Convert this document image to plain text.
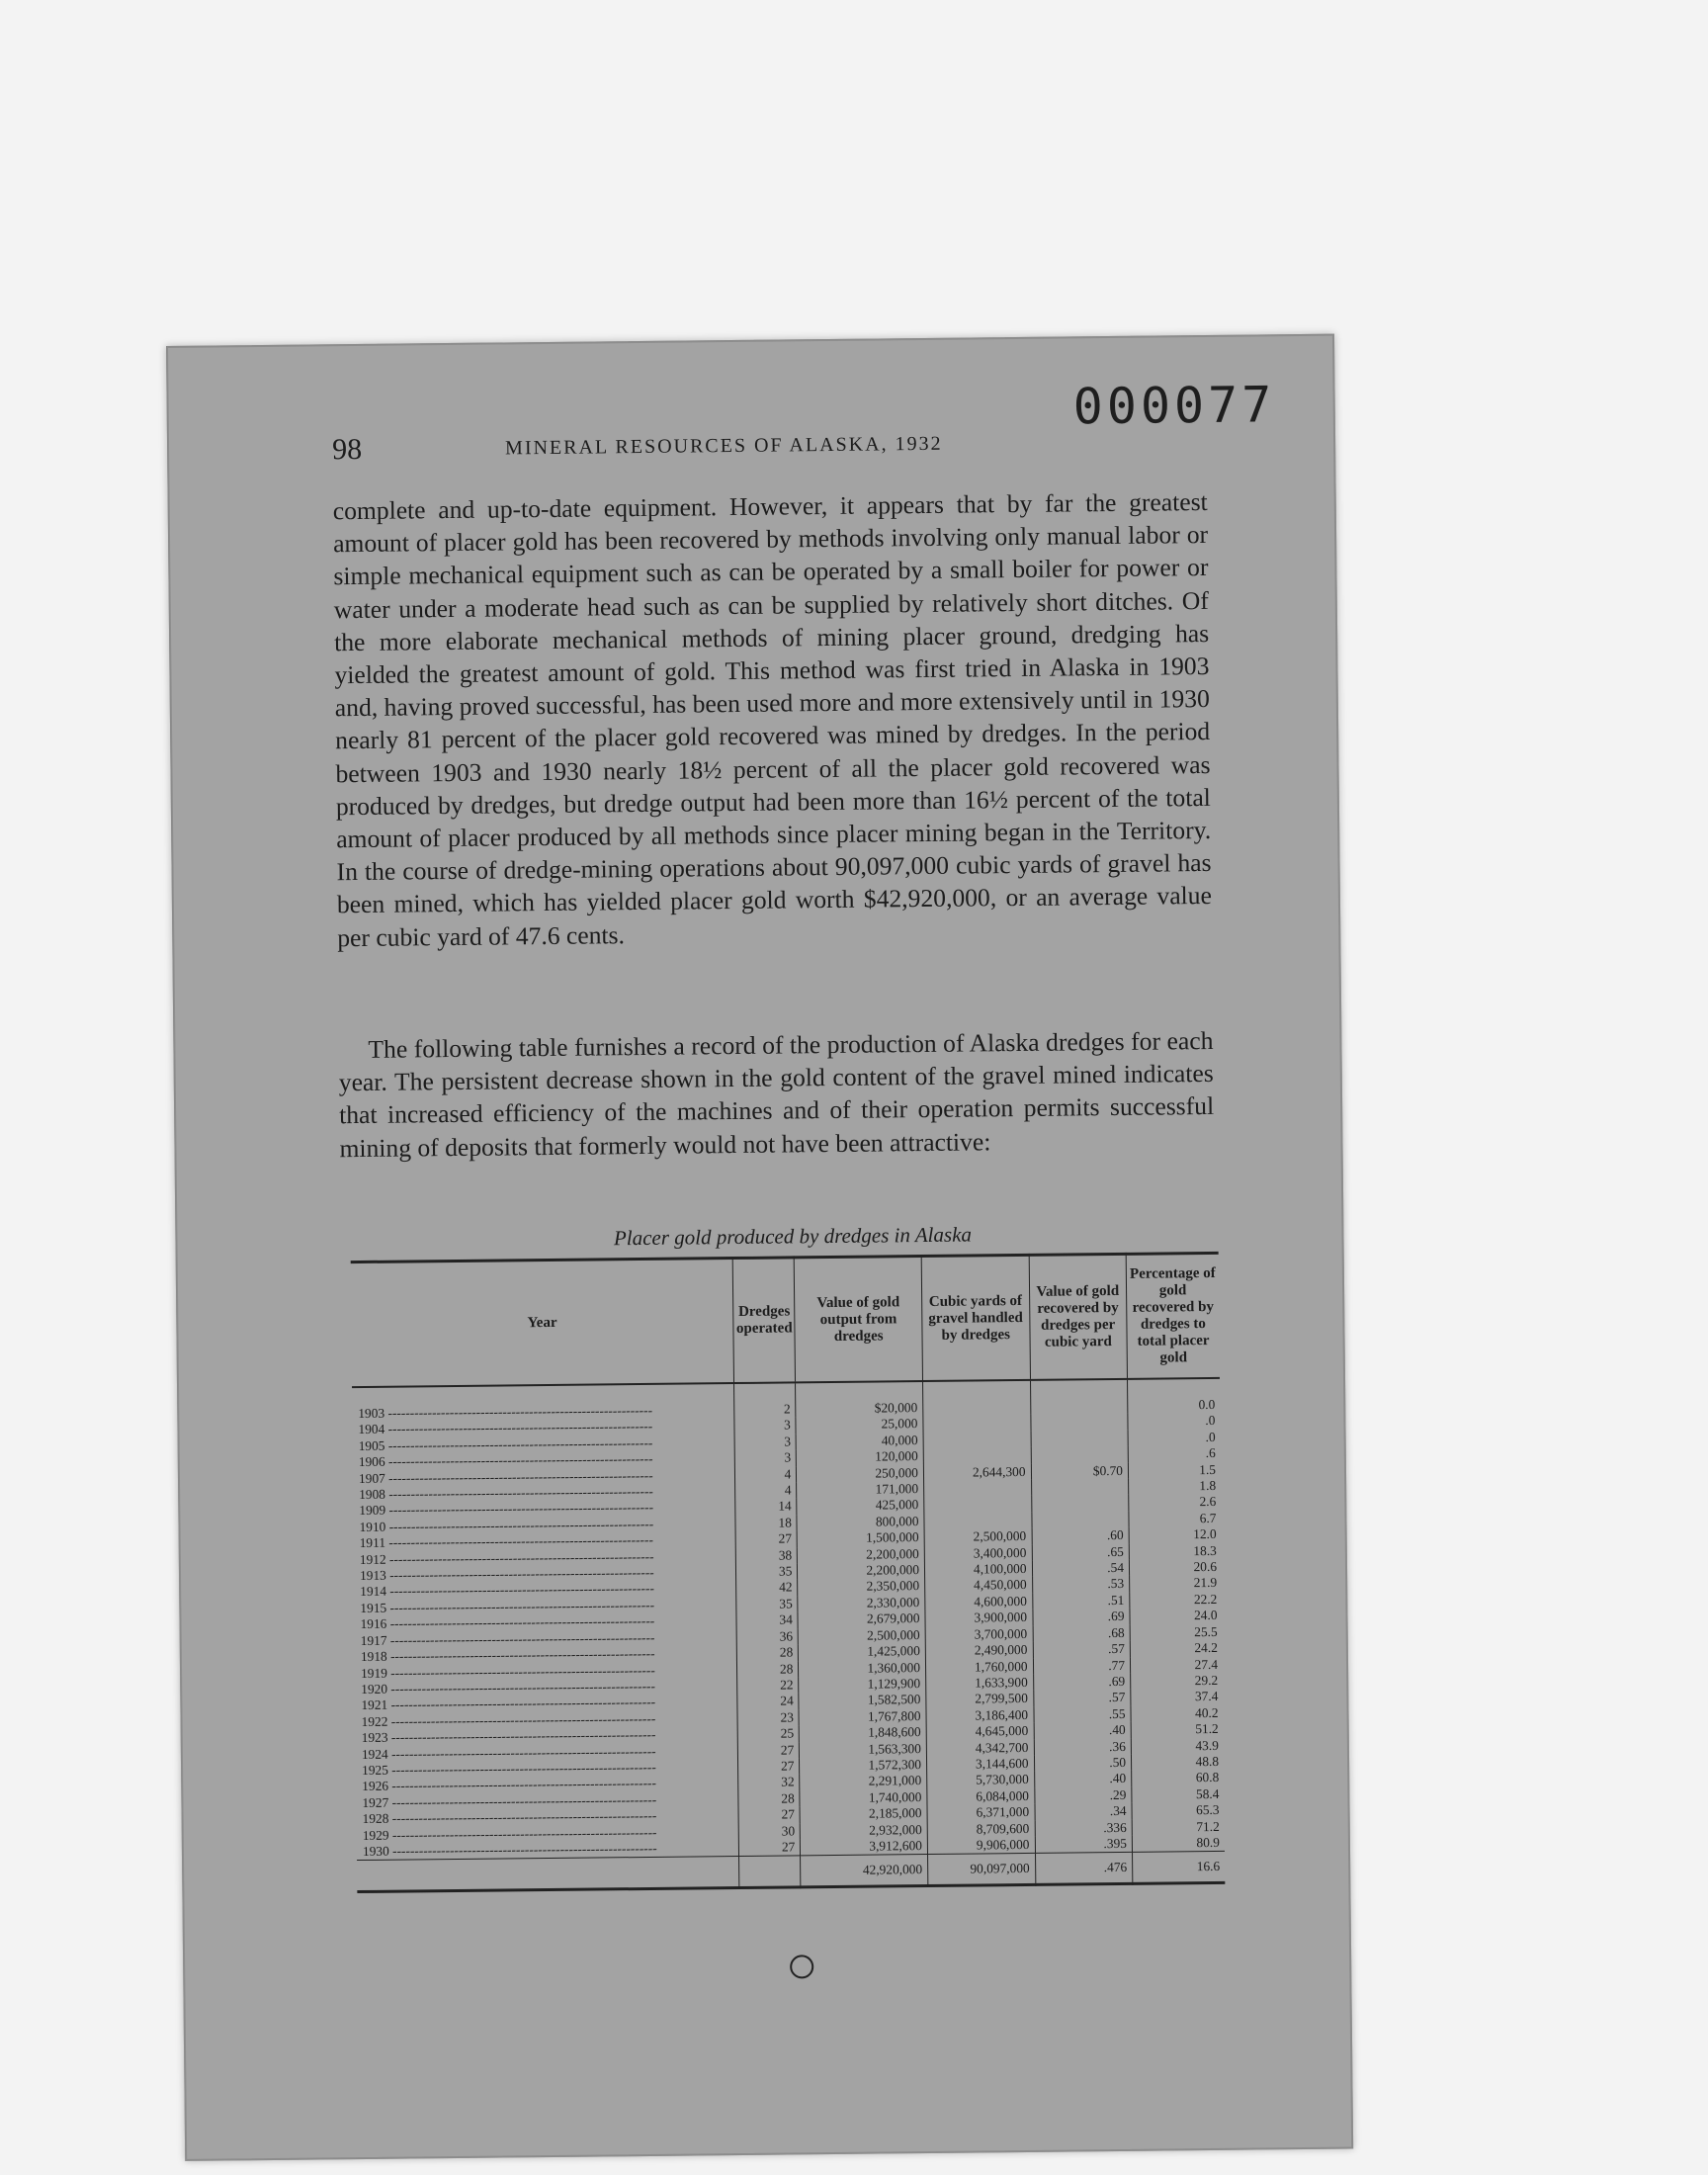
000077
98	MINERAL RESOURCES OF ALASKA, 1932

complete and up-to-date equipment. However, it appears that by far the greatest amount of placer gold has been recovered by methods involving only manual labor or simple mechanical equipment such as can be operated by a small boiler for power or water under a moderate head such as can be supplied by relatively short ditches. Of the more elaborate mechanical methods of mining placer ground, dredging has yielded the greatest amount of gold. This method was first tried in Alaska in 1903 and, having proved successful, has been used more and more extensively until in 1930 nearly 81 percent of the placer gold recovered was mined by dredges. In the period between 1903 and 1930 nearly 18½ percent of all the placer gold recovered was produced by dredges, but dredge output had been more than 16½ percent of the total amount of placer produced by all methods since placer mining began in the Territory. In the course of dredge-mining operations about 90,097,000 cubic yards of gravel has been mined, which has yielded placer gold worth $42,920,000, or an average value per cubic yard of 47.6 cents.

The following table furnishes a record of the production of Alaska dredges for each year. The persistent decrease shown in the gold content of the gravel mined indicates that increased efficiency of the machines and of their operation permits successful mining of deposits that formerly would not have been attractive:

Placer gold produced by dredges in Alaska
Year	Dredges operated	Value of gold output from dredges	Cubic yards of gravel handled by dredges	Value of gold recovered by dredges per cubic yard	Percentage of gold recovered by dredges to total placer gold
1903 ------------------------------------------------------------	2	$20,000			0.0
1904 ------------------------------------------------------------	3	25,000			.0
1905 ------------------------------------------------------------	3	40,000			.0
1906 ------------------------------------------------------------	3	120,000			.6
1907 ------------------------------------------------------------	4	250,000	2,644,300	$0.70	1.5
1908 ------------------------------------------------------------	4	171,000			1.8
1909 ------------------------------------------------------------	14	425,000			2.6
1910 ------------------------------------------------------------	18	800,000			6.7
1911 ------------------------------------------------------------	27	1,500,000	2,500,000	.60	12.0
1912 ------------------------------------------------------------	38	2,200,000	3,400,000	.65	18.3
1913 ------------------------------------------------------------	35	2,200,000	4,100,000	.54	20.6
1914 ------------------------------------------------------------	42	2,350,000	4,450,000	.53	21.9
1915 ------------------------------------------------------------	35	2,330,000	4,600,000	.51	22.2
1916 ------------------------------------------------------------	34	2,679,000	3,900,000	.69	24.0
1917 ------------------------------------------------------------	36	2,500,000	3,700,000	.68	25.5
1918 ------------------------------------------------------------	28	1,425,000	2,490,000	.57	24.2
1919 ------------------------------------------------------------	28	1,360,000	1,760,000	.77	27.4
1920 ------------------------------------------------------------	22	1,129,900	1,633,900	.69	29.2
1921 ------------------------------------------------------------	24	1,582,500	2,799,500	.57	37.4
1922 ------------------------------------------------------------	23	1,767,800	3,186,400	.55	40.2
1923 ------------------------------------------------------------	25	1,848,600	4,645,000	.40	51.2
1924 ------------------------------------------------------------	27	1,563,300	4,342,700	.36	43.9
1925 ------------------------------------------------------------	27	1,572,300	3,144,600	.50	48.8
1926 ------------------------------------------------------------	32	2,291,000	5,730,000	.40	60.8
1927 ------------------------------------------------------------	28	1,740,000	6,084,000	.29	58.4
1928 ------------------------------------------------------------	27	2,185,000	6,371,000	.34	65.3
1929 ------------------------------------------------------------	30	2,932,000	8,709,600	.336	71.2
1930 ------------------------------------------------------------	27	3,912,600	9,906,000	.395	80.9
		42,920,000	90,097,000	.476	16.6
